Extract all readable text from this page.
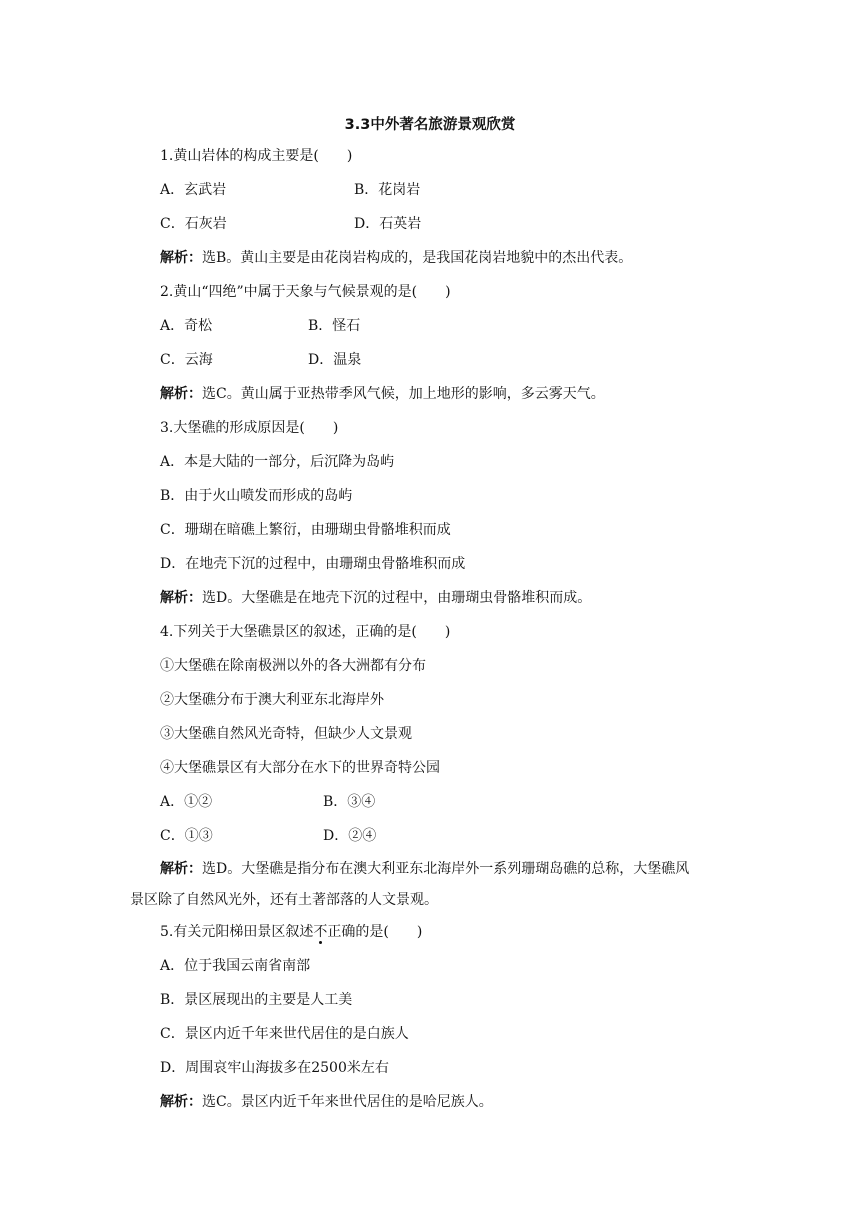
3.3中外著名旅游景观欣赏
1.黄山岩体的构成主要是(　　)
A．玄武岩	B．花岗岩
C．石灰岩	D．石英岩
解析：选B。黄山主要是由花岗岩构成的，是我国花岗岩地貌中的杰出代表。
2.黄山“四绝”中属于天象与气候景观的是(　　)
A．奇松	B．怪石
C．云海	D．温泉
解析：选C。黄山属于亚热带季风气候，加上地形的影响，多云雾天气。
3.大堡礁的形成原因是(　　)
A．本是大陆的一部分，后沉降为岛屿
B．由于火山喷发而形成的岛屿
C．珊瑚在暗礁上繁衍，由珊瑚虫骨骼堆积而成
D．在地壳下沉的过程中，由珊瑚虫骨骼堆积而成
解析：选D。大堡礁是在地壳下沉的过程中，由珊瑚虫骨骼堆积而成。
4.下列关于大堡礁景区的叙述，正确的是(　　)
①大堡礁在除南极洲以外的各大洲都有分布
②大堡礁分布于澳大利亚东北海岸外
③大堡礁自然风光奇特，但缺少人文景观
④大堡礁景区有大部分在水下的世界奇特公园
A．①②	B．③④
C．①③	D．②④
解析：选D。大堡礁是指分布在澳大利亚东北海岸外一系列珊瑚岛礁的总称，大堡礁风
景区除了自然风光外，还有土著部落的人文景观。
5.有关元阳梯田景区叙述不正确的是(　　)
A．位于我国云南省南部
B．景区展现出的主要是人工美
C．景区内近千年来世代居住的是白族人
D．周围哀牢山海拔多在2500米左右
解析：选C。景区内近千年来世代居住的是哈尼族人。
